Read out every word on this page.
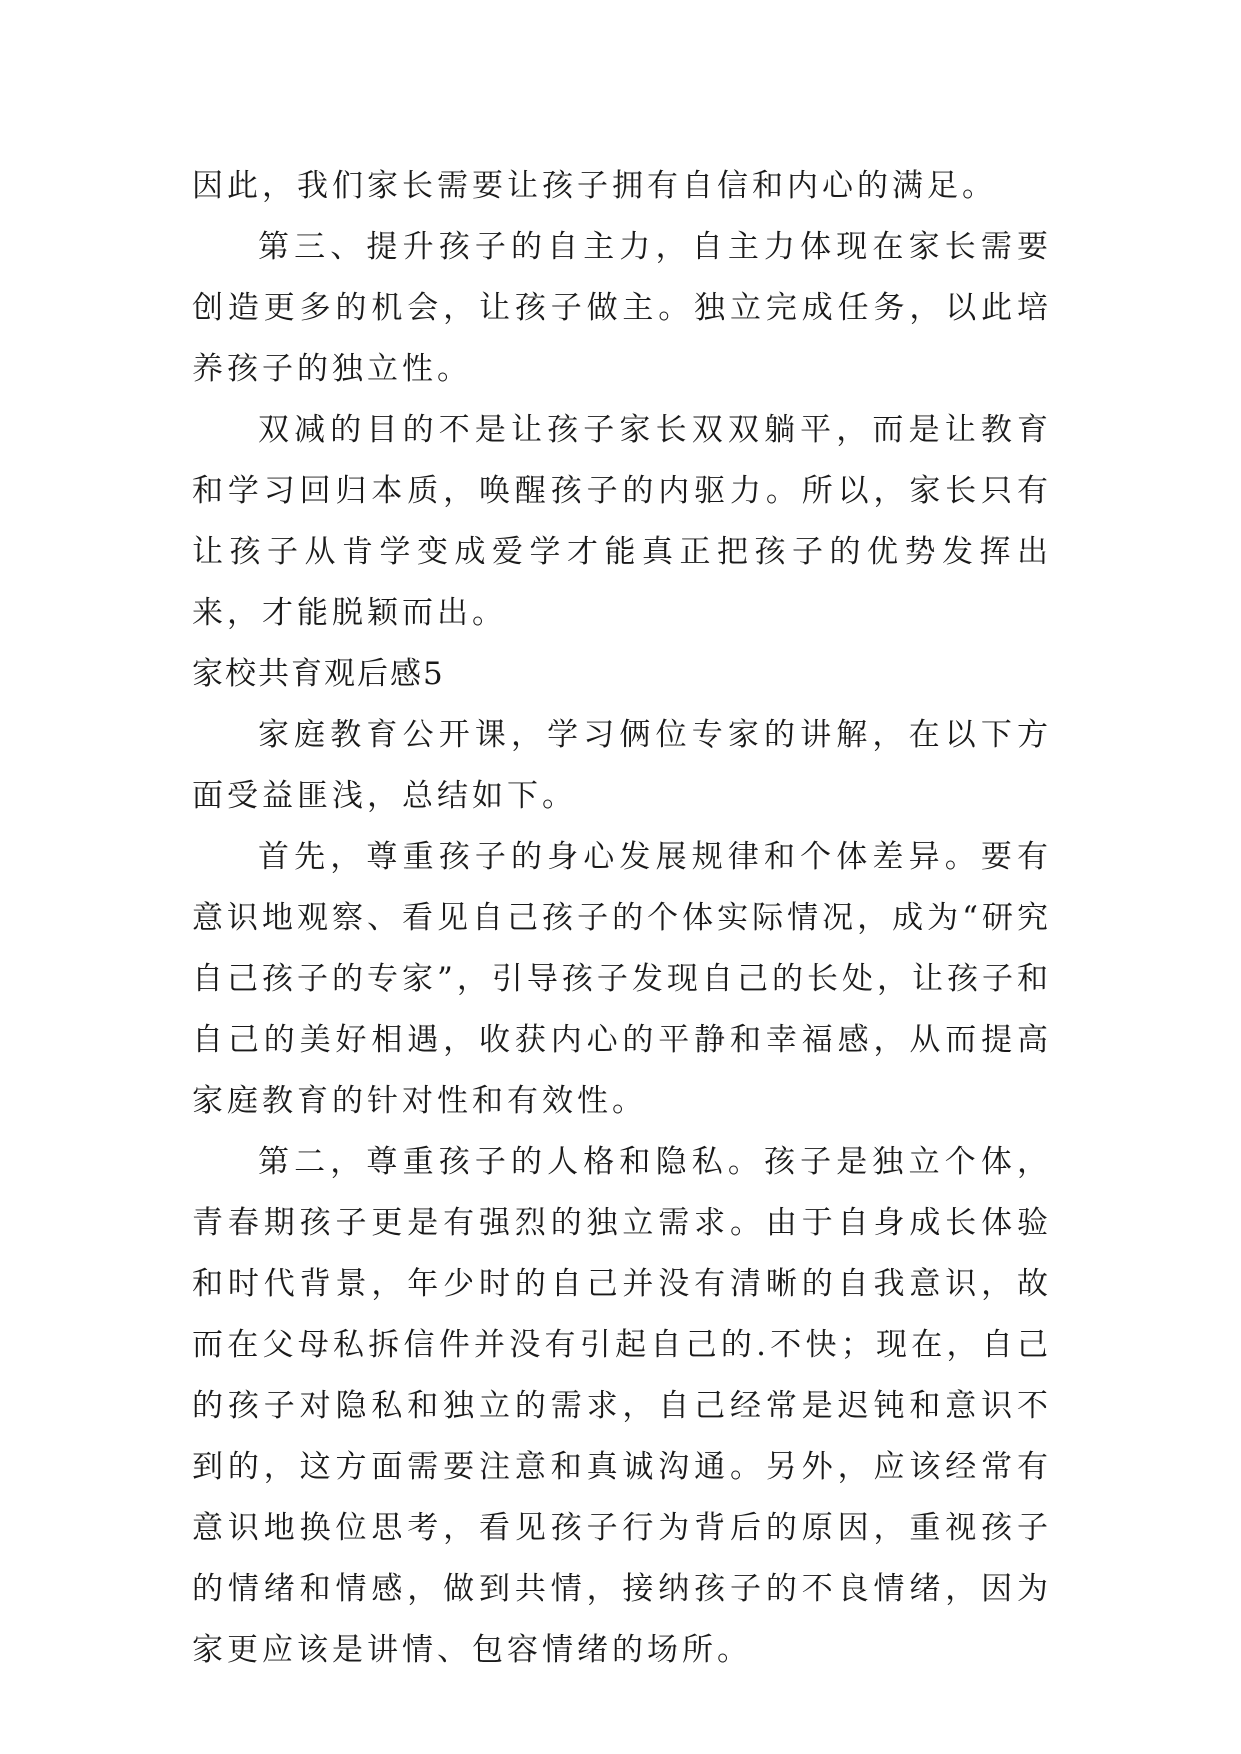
因此，我们家长需要让孩子拥有自信和内心的满足。

第三、提升孩子的自主力，自主力体现在家长需要创造更多的机会，让孩子做主。独立完成任务，以此培养孩子的独立性。

双减的目的不是让孩子家长双双躺平，而是让教育和学习回归本质，唤醒孩子的内驱力。所以，家长只有让孩子从肯学变成爱学才能真正把孩子的优势发挥出来，才能脱颖而出。

家校共育观后感5

家庭教育公开课，学习俩位专家的讲解，在以下方面受益匪浅，总结如下。

首先，尊重孩子的身心发展规律和个体差异。要有意识地观察、看见自己孩子的个体实际情况，成为“研究自己孩子的专家”，引导孩子发现自己的长处，让孩子和自己的美好相遇，收获内心的平静和幸福感，从而提高家庭教育的针对性和有效性。

第二，尊重孩子的人格和隐私。孩子是独立个体，青春期孩子更是有强烈的独立需求。由于自身成长体验和时代背景，年少时的自己并没有清晰的自我意识，故而在父母私拆信件并没有引起自己的.不快；现在，自己的孩子对隐私和独立的需求，自己经常是迟钝和意识不到的，这方面需要注意和真诚沟通。另外，应该经常有意识地换位思考，看见孩子行为背后的原因，重视孩子的情绪和情感，做到共情，接纳孩子的不良情绪，因为家更应该是讲情、包容情绪的场所。
